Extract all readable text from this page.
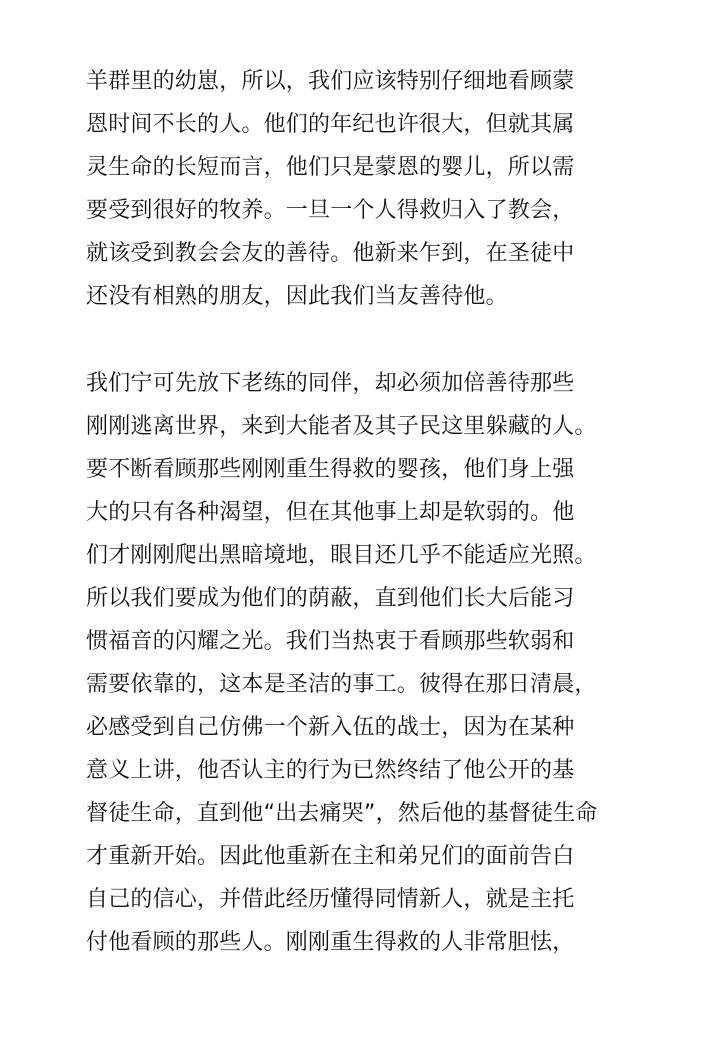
羊群里的幼崽，所以，我们应该特别仔细地看顾蒙
恩时间不长的人。他们的年纪也许很大，但就其属
灵生命的长短而言，他们只是蒙恩的婴儿，所以需
要受到很好的牧养。一旦一个人得救归入了教会，
就该受到教会会友的善待。他新来乍到，在圣徒中
还没有相熟的朋友，因此我们当友善待他。
我们宁可先放下老练的同伴，却必须加倍善待那些
刚刚逃离世界，来到大能者及其子民这里躲藏的人。
要不断看顾那些刚刚重生得救的婴孩，他们身上强
大的只有各种渴望，但在其他事上却是软弱的。他
们才刚刚爬出黑暗境地，眼目还几乎不能适应光照。
所以我们要成为他们的荫蔽，直到他们长大后能习
惯福音的闪耀之光。我们当热衷于看顾那些软弱和
需要依靠的，这本是圣洁的事工。彼得在那日清晨，
必感受到自己仿佛一个新入伍的战士，因为在某种
意义上讲，他否认主的行为已然终结了他公开的基
督徒生命，直到他“出去痛哭”，然后他的基督徒生命
才重新开始。因此他重新在主和弟兄们的面前告白
自己的信心，并借此经历懂得同情新人，就是主托
付他看顾的那些人。刚刚重生得救的人非常胆怯，
